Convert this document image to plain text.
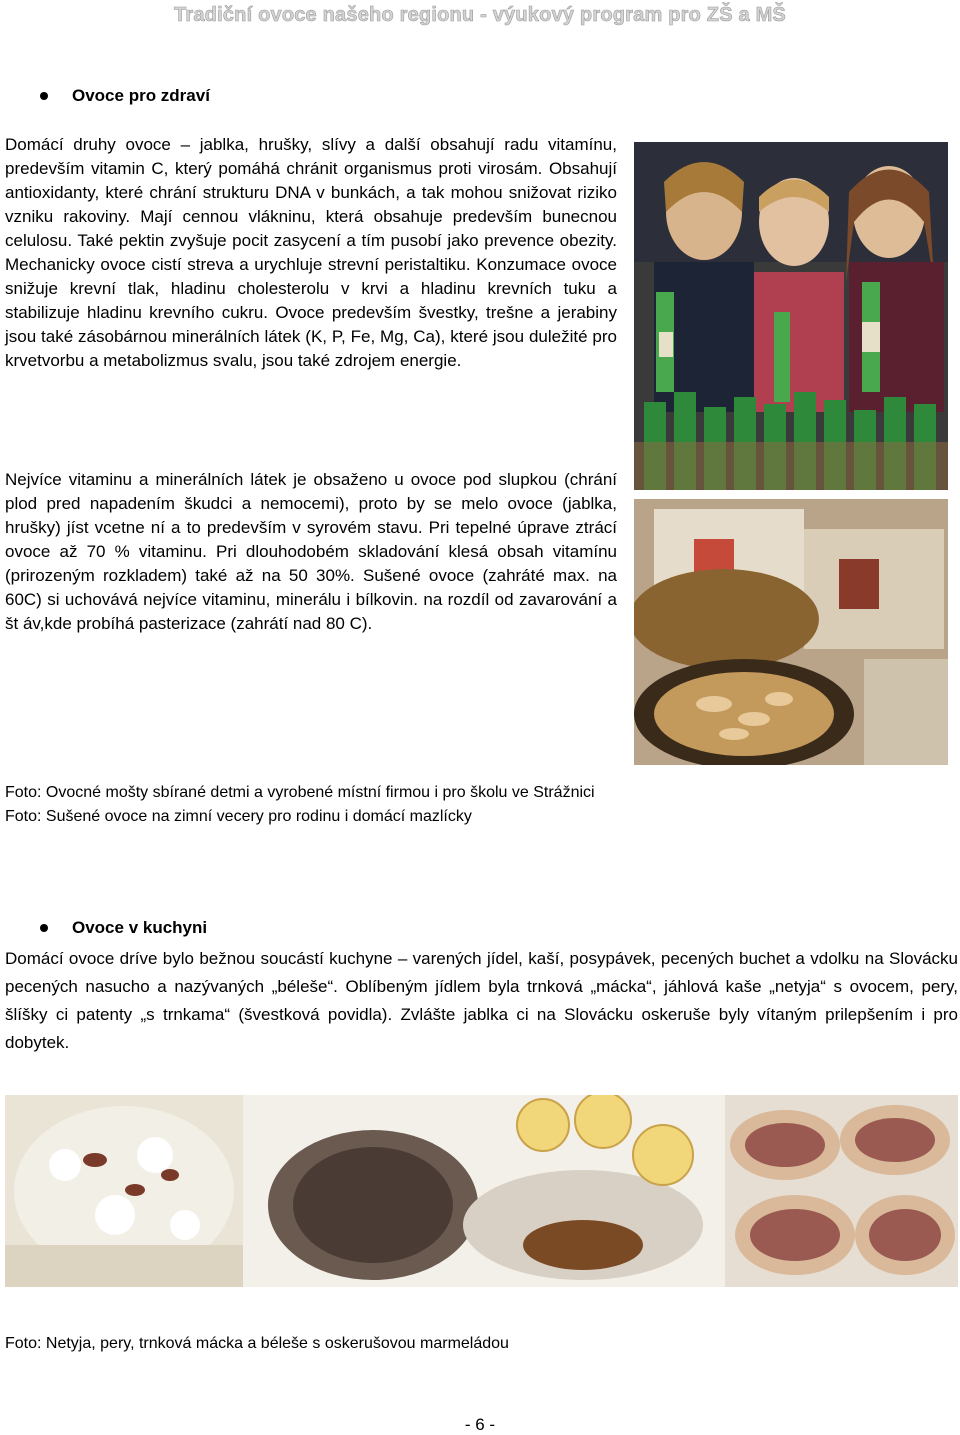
Tradiční ovoce našeho regionu - výukový program pro ZŠ a MŠ
Ovoce pro zdraví

Domácí druhy ovoce – jablka, hrušky, slívy a další obsahují radu vitamínu, predevším vitamin C, který pomáhá chránit organismus proti virosám. Obsahují antioxidanty, které chrání strukturu DNA v bunkách, a tak mohou snižovat riziko vzniku rakoviny. Mají cennou vlákninu, která obsahuje predevším bunecnou celulosu. Také pektin zvyšuje pocit zasycení a tím pusobí jako prevence obezity. Mechanicky ovoce cistí streva a urychluje strevní peristaltiku. Konzumace ovoce snižuje krevní tlak, hladinu cholesterolu v krvi a hladinu krevních tuku a stabilizuje hladinu krevního cukru. Ovoce predevším švestky, trešne a jerabiny jsou také zásobárnou minerálních látek (K, P, Fe, Mg, Ca), které jsou duležité pro krvetvorbu a metabolizmus svalu, jsou také zdrojem energie.

Nejvíce vitaminu a minerálních látek je obsaženo u ovoce pod slupkou (chrání plod pred napadením škudci a nemocemi), proto by se melo ovoce (jablka, hrušky) jíst vcetne ní a to predevším v syrovém stavu. Pri tepelné úprave ztrácí ovoce až 70 % vitaminu. Pri dlouhodobém skladování klesá obsah vitamínu (prirozeným rozkladem) také až na 50 30%. Sušené ovoce (zahráté max. na 60C) si uchovává nejvíce vitaminu, minerálu i bílkovin. na rozdíl od zavarování a št áv,kde probíhá pasterizace (zahrátí nad 80 C).

Foto: Ovocné mošty sbírané detmi a vyrobené místní firmou i pro školu ve Strážnici
Foto: Sušené ovoce na zimní vecery pro rodinu i domácí mazlícky
Ovoce v kuchyni

Domácí ovoce dríve bylo bežnou soucástí kuchyne – varených jídel, kaší, posypávek, pecených buchet a vdolku na Slovácku pecených nasucho a nazývaných „béleše“. Oblíbeným jídlem byla trnková „mácka“, jáhlová kaše „netyja“ s ovocem, pery, šlíšky ci patenty „s trnkama“ (švestková povidla). Zvlášte jablka ci na Slovácku oskeruše byly vítaným prilepšením i pro dobytek.

Foto: Netyja, pery, trnková mácka a béleše s oskerušovou marmeládou
- 6 -
